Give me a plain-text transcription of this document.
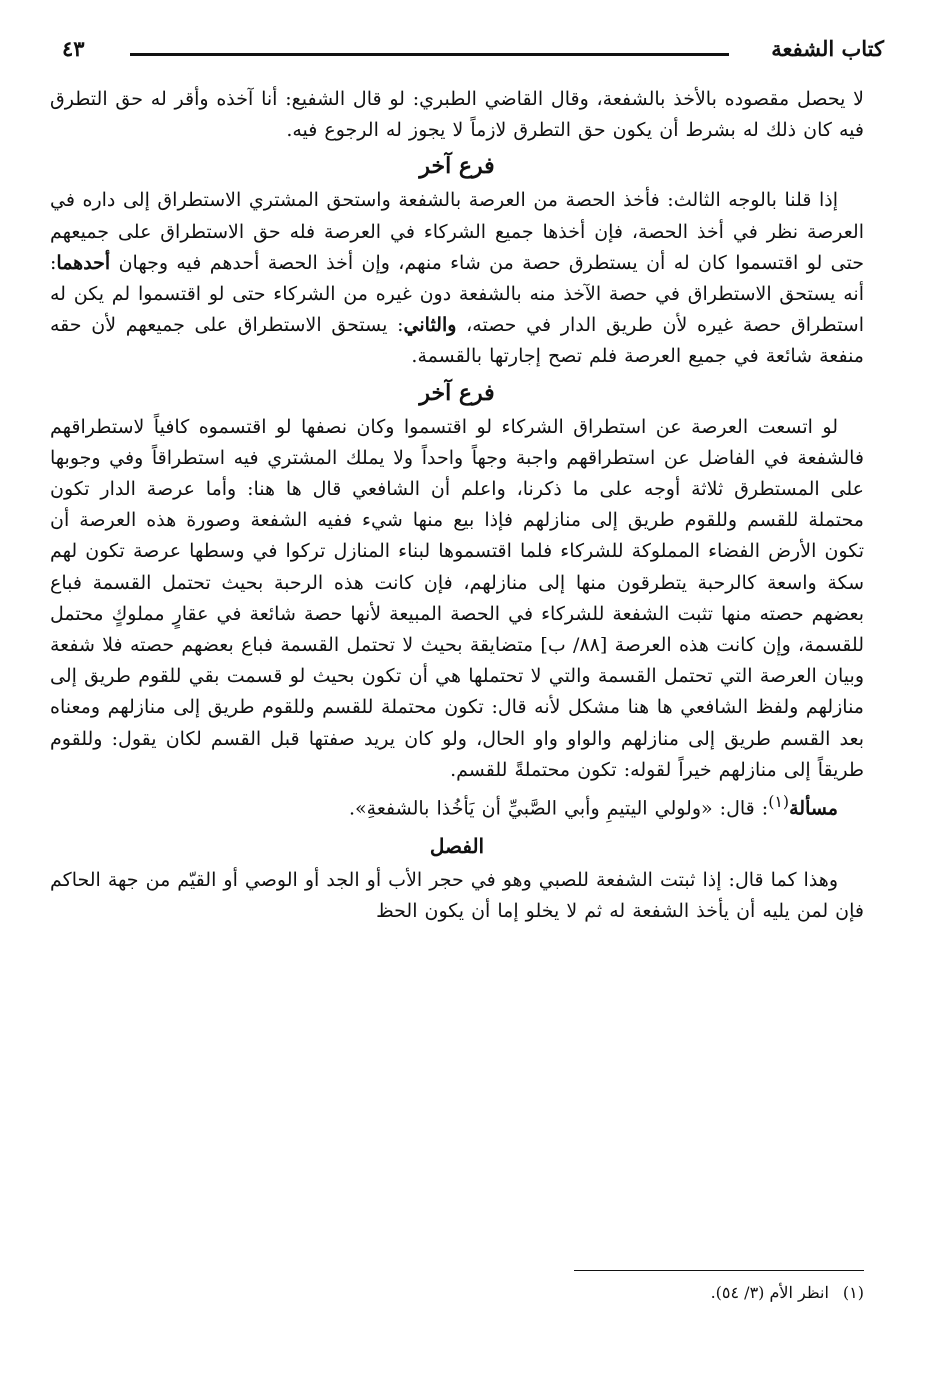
كتاب الشفعة
٤٣

لا يحصل مقصوده بالأخذ بالشفعة، وقال القاضي الطبري: لو قال الشفيع: أنا آخذه وأقر له حق التطرق فيه كان ذلك له بشرط أن يكون حق التطرق لازماً لا يجوز له الرجوع فيه.

فرع آخر

إذا قلنا بالوجه الثالث: فأخذ الحصة من العرصة بالشفعة واستحق المشتري الاستطراق إلى داره في العرصة نظر في أخذ الحصة، فإن أخذها جميع الشركاء في العرصة فله حق الاستطراق على جميعهم حتى لو اقتسموا كان له أن يستطرق حصة من شاء منهم، وإن أخذ الحصة أحدهم فيه وجهان أحدهما: أنه يستحق الاستطراق في حصة الآخذ منه بالشفعة دون غيره من الشركاء حتى لو اقتسموا لم يكن له استطراق حصة غيره لأن طريق الدار في حصته، والثاني: يستحق الاستطراق على جميعهم لأن حقه منفعة شائعة في جميع العرصة فلم تصح إجارتها بالقسمة.

فرع آخر

لو اتسعت العرصة عن استطراق الشركاء لو اقتسموا وكان نصفها لو اقتسموه كافياً لاستطراقهم فالشفعة في الفاضل عن استطراقهم واجبة وجهاً واحداً ولا يملك المشتري فيه استطراقاً وفي وجوبها على المستطرق ثلاثة أوجه على ما ذكرنا، واعلم أن الشافعي قال ها هنا: وأما عرصة الدار تكون محتملة للقسم وللقوم طريق إلى منازلهم فإذا بيع منها شيء ففيه الشفعة وصورة هذه العرصة أن تكون الأرض الفضاء المملوكة للشركاء فلما اقتسموها لبناء المنازل تركوا في وسطها عرصة تكون لهم سكة واسعة كالرحبة يتطرقون منها إلى منازلهم، فإن كانت هذه الرحبة بحيث تحتمل القسمة فباع بعضهم حصته منها تثبت الشفعة للشركاء في الحصة المبيعة لأنها حصة شائعة في عقارٍ مملوكٍ محتمل للقسمة، وإن كانت هذه العرصة [٨٨/ ب] متضايقة بحيث لا تحتمل القسمة فباع بعضهم حصته فلا شفعة وبيان العرصة التي تحتمل القسمة والتي لا تحتملها هي أن تكون بحيث لو قسمت بقي للقوم طريق إلى منازلهم ولفظ الشافعي ها هنا مشكل لأنه قال: تكون محتملة للقسم وللقوم طريق إلى منازلهم ومعناه بعد القسم طريق إلى منازلهم والواو واو الحال، ولو كان يريد صفتها قبل القسم لكان يقول: وللقوم طريقاً إلى منازلهم خيراً لقوله: تكون محتملةً للقسم.

مسألة$^{(١)}$: قال: «ولولي اليتيمِ وأبي الصَّبيِّ أن يَأخُذا بالشفعةِ».

الفصل

وهذا كما قال: إذا ثبتت الشفعة للصبي وهو في حجر الأب أو الجد أو الوصي أو القيّم من جهة الحاكم فإن لمن يليه أن يأخذ الشفعة له ثم لا يخلو إما أن يكون الحظ

(١)انظر الأم (٣/ ٥٤).
